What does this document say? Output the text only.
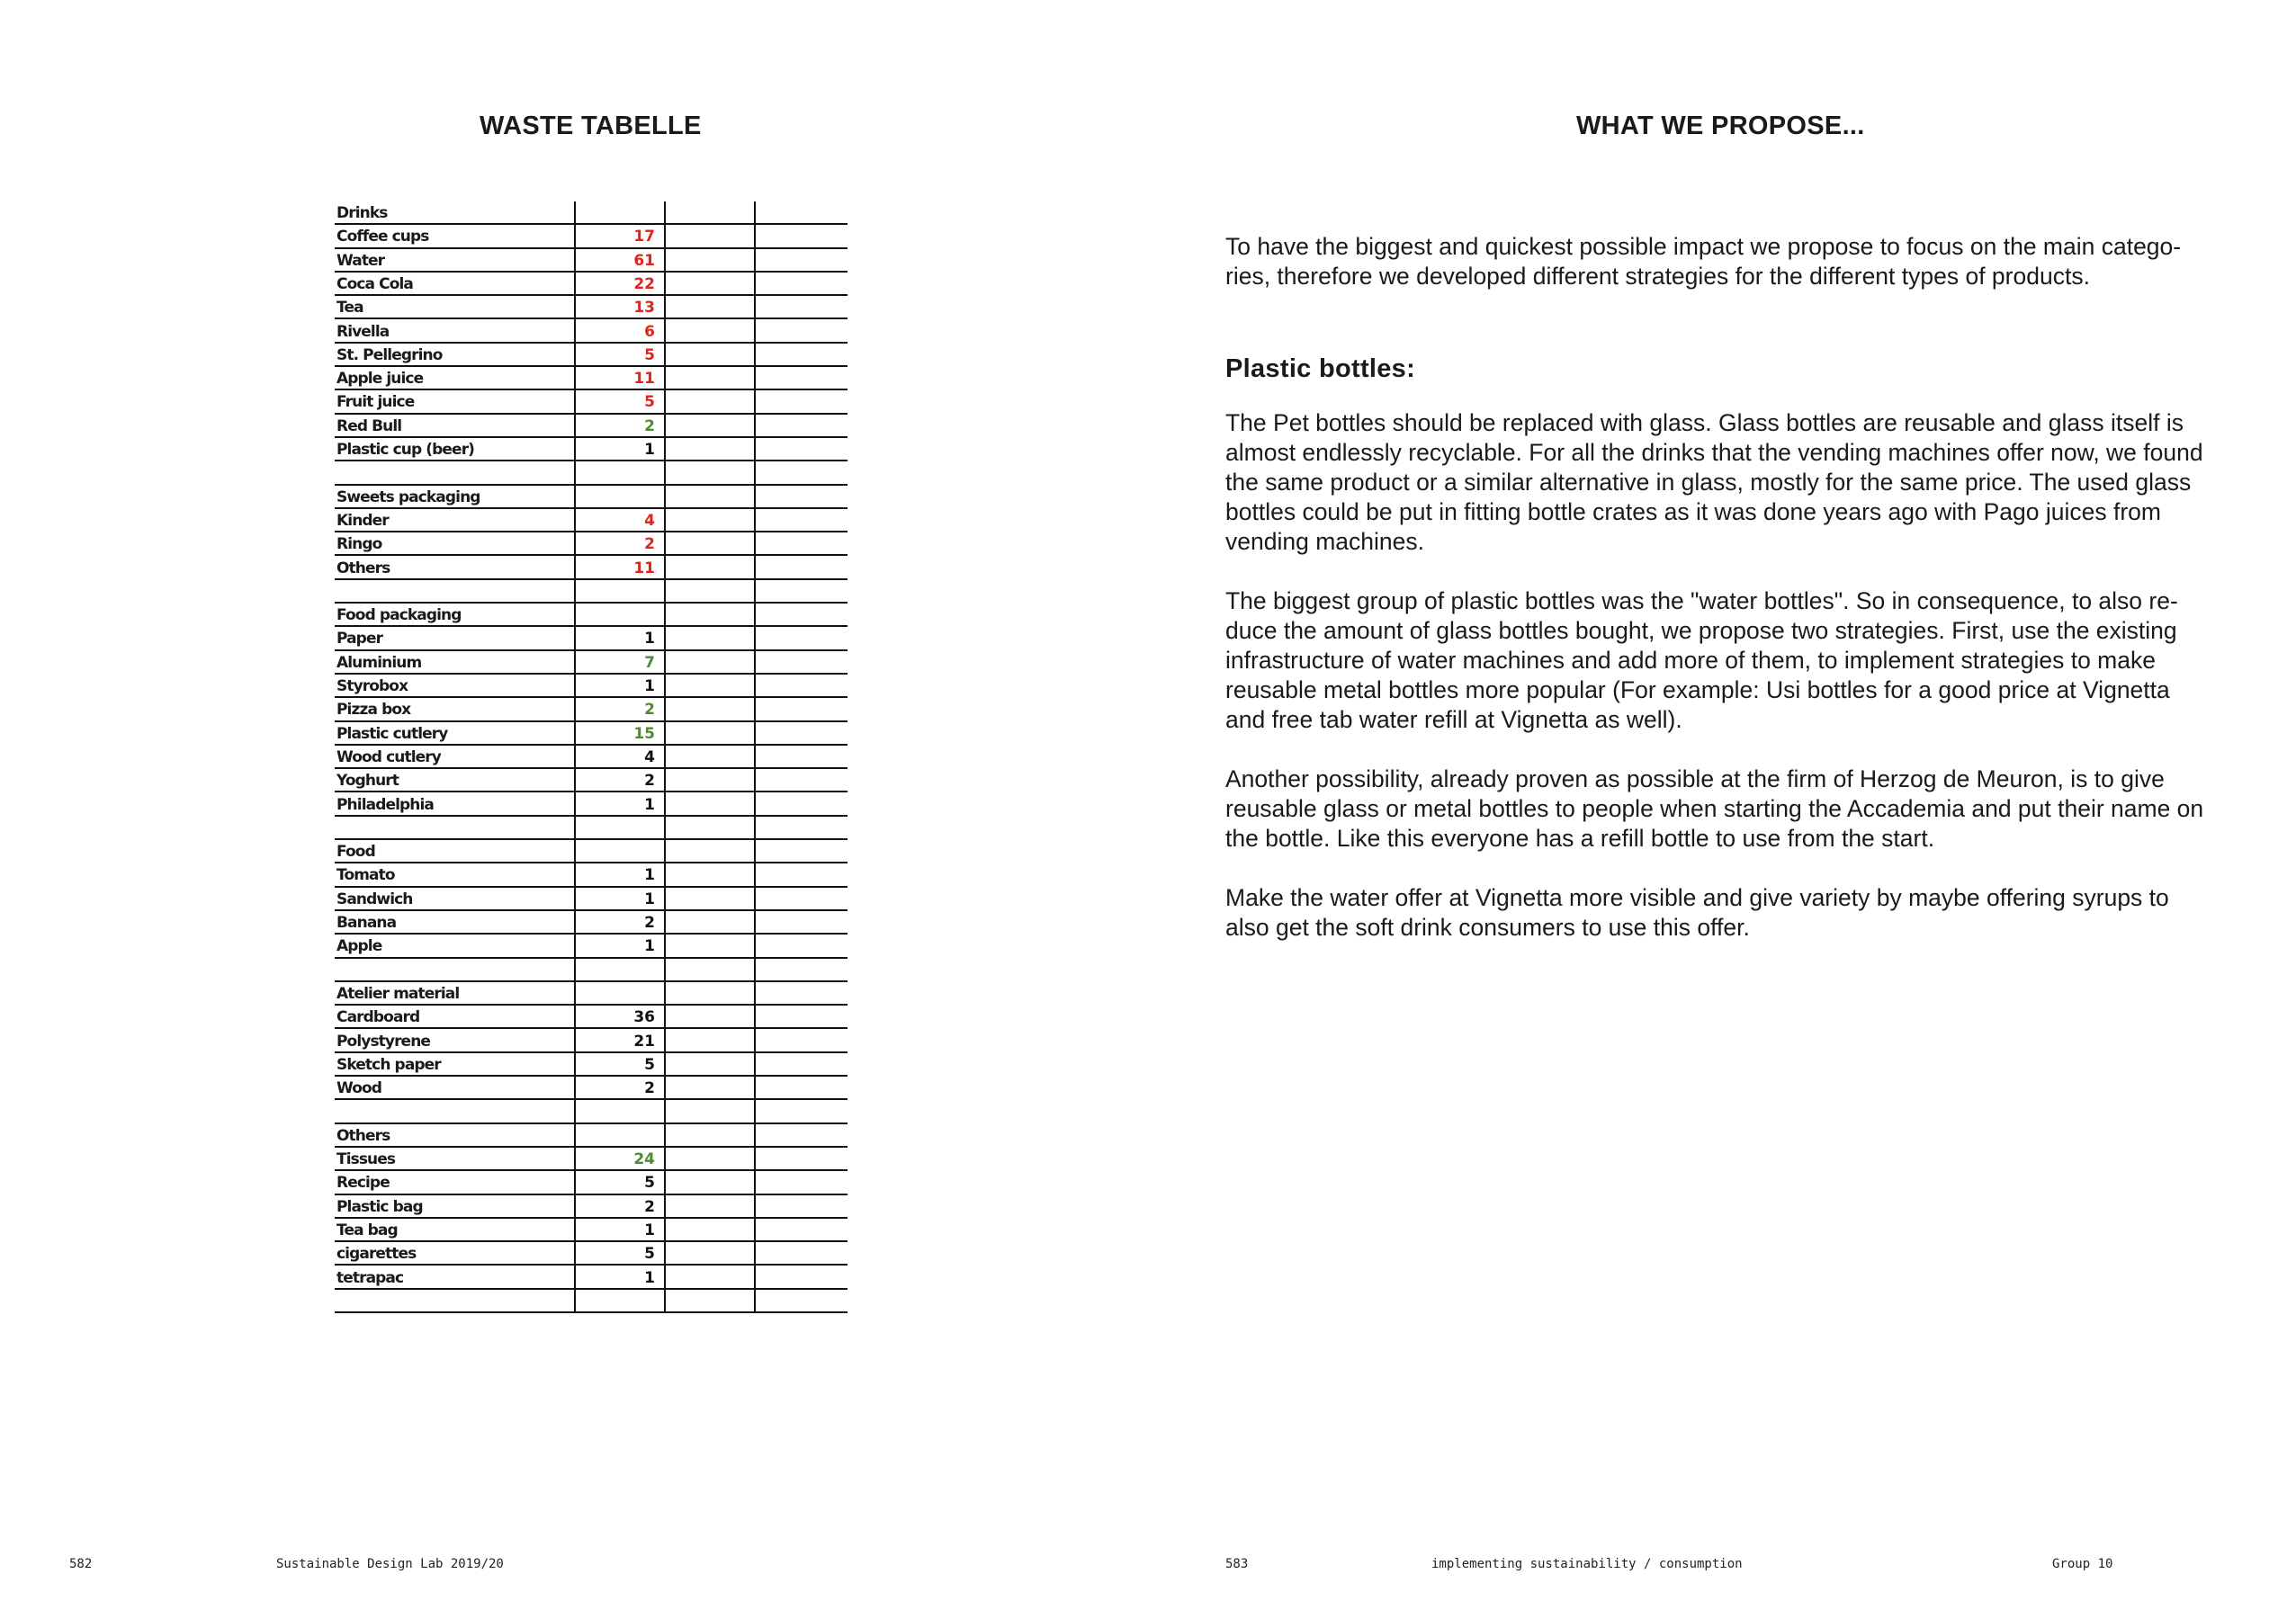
WASTE TABELLE
Drinks
Coffee cups	17
Water	61
Coca Cola	22
Tea	13
Rivella	6
St. Pellegrino	5
Apple juice	11
Fruit juice	5
Red Bull	2
Plastic cup (beer)	1
Sweets packaging
Kinder	4
Ringo	2
Others	11
Food packaging
Paper	1
Aluminium	7
Styrobox	1
Pizza box	2
Plastic cutlery	15
Wood cutlery	4
Yoghurt	2
Philadelphia	1
Food
Tomato	1
Sandwich	1
Banana	2
Apple	1
Atelier material
Cardboard	36
Polystyrene	21
Sketch paper	5
Wood	2
Others
Tissues	24
Recipe	5
Plastic bag	2
Tea bag	1
cigarettes	5
tetrapac	1
WHAT WE PROPOSE...

To have the biggest and quickest possible impact we propose to focus on the main catego-ries, therefore we developed different strategies for the different types of products.

Plastic bottles:

The Pet bottles should be replaced with glass. Glass bottles are reusable and glass itself is almost endlessly recyclable. For all the drinks that the vending machines offer now, we found the same product or a similar alternative in glass, mostly for the same price. The used glass bottles could be put in fitting bottle crates as it was done years ago with Pago juices from vending machines.

The biggest group of plastic bottles was the "water bottles". So in consequence, to also re-duce the amount of glass bottles bought, we propose two strategies. First, use the existing infrastructure of water machines and add more of them, to implement strategies to make reusable metal bottles more popular (For example: Usi bottles for a good price at Vignetta and free tab water refill at Vignetta as well).

Another possibility, already proven as possible at the firm of Herzog de Meuron, is to give reusable glass or metal bottles to people when starting the Accademia and put their name on the bottle. Like this everyone has a refill bottle to use from the start.

Make the water offer at Vignetta more visible and give variety by maybe offering syrups to also get the soft drink consumers to use this offer.

582	Sustainable Design Lab 2019/20	583	implementing sustainability / consumption	Group 10
